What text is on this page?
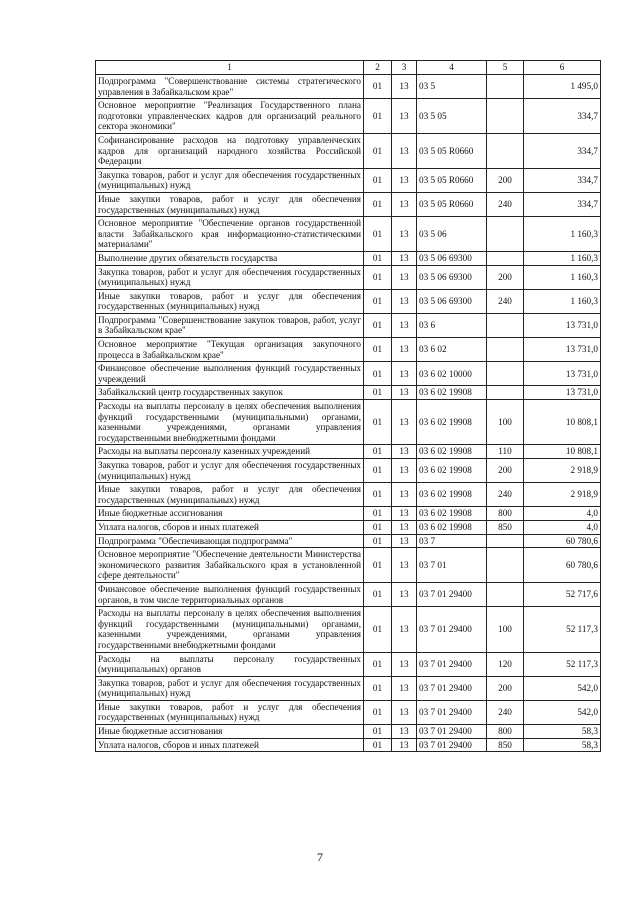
1	2	3	4	5	6
Подпрограмма "Совершенствование системы стратегического управления в Забайкальском крае"	01	13	03 5		1 495,0
Основное мероприятие "Реализация Государственного плана подготовки управленческих кадров для организаций реального сектора экономики"	01	13	03 5 05		334,7
Софинансирование расходов на подготовку управленческих кадров для организаций народного хозяйства Российской Федерации	01	13	03 5 05 R0660		334,7
Закупка товаров, работ и услуг для обеспечения государственных (муниципальных) нужд	01	13	03 5 05 R0660	200	334,7
Иные закупки товаров, работ и услуг для обеспечения государственных (муниципальных) нужд	01	13	03 5 05 R0660	240	334,7
Основное мероприятие "Обеспечение органов государственной власти Забайкальского края информационно-статистическими материалами"	01	13	03 5 06		1 160,3
Выполнение других обязательств государства	01	13	03 5 06 69300		1 160,3
Закупка товаров, работ и услуг для обеспечения государственных (муниципальных) нужд	01	13	03 5 06 69300	200	1 160,3
Иные закупки товаров, работ и услуг для обеспечения государственных (муниципальных) нужд	01	13	03 5 06 69300	240	1 160,3
Подпрограмма "Совершенствование закупок товаров, работ, услуг в Забайкальском крае"	01	13	03 6		13 731,0
Основное мероприятие "Текущая организация закупочного процесса в Забайкальском крае"	01	13	03 6 02		13 731,0
Финансовое обеспечение выполнения функций государственных учреждений	01	13	03 6 02 10000		13 731,0
Забайкальский центр государственных закупок	01	13	03 6 02 19908		13 731,0
Расходы на выплаты персоналу в целях обеспечения выполнения функций государственными (муниципальными) органами, казенными учреждениями, органами управления государственными внебюджетными фондами	01	13	03 6 02 19908	100	10 808,1
Расходы на выплаты персоналу казенных учреждений	01	13	03 6 02 19908	110	10 808,1
Закупка товаров, работ и услуг для обеспечения государственных (муниципальных) нужд	01	13	03 6 02 19908	200	2 918,9
Иные закупки товаров, работ и услуг для обеспечения государственных (муниципальных) нужд	01	13	03 6 02 19908	240	2 918,9
Иные бюджетные ассигнования	01	13	03 6 02 19908	800	4,0
Уплата налогов, сборов и иных платежей	01	13	03 6 02 19908	850	4,0
Подпрограмма "Обеспечивающая подпрограмма"	01	13	03 7		60 780,6
Основное мероприятие "Обеспечение деятельности Министерства экономического развития Забайкальского края в установленной сфере деятельности"	01	13	03 7 01		60 780,6
Финансовое обеспечение выполнения функций государственных органов, в том числе территориальных органов	01	13	03 7 01 29400		52 717,6
Расходы на выплаты персоналу в целях обеспечения выполнения функций государственными (муниципальными) органами, казенными учреждениями, органами управления государственными внебюджетными фондами	01	13	03 7 01 29400	100	52 117,3
Расходы на выплаты персоналу государственных (муниципальных) органов	01	13	03 7 01 29400	120	52 117,3
Закупка товаров, работ и услуг для обеспечения государственных (муниципальных) нужд	01	13	03 7 01 29400	200	542,0
Иные закупки товаров, работ и услуг для обеспечения государственных (муниципальных) нужд	01	13	03 7 01 29400	240	542,0
Иные бюджетные ассигнования	01	13	03 7 01 29400	800	58,3
Уплата налогов, сборов и иных платежей	01	13	03 7 01 29400	850	58,3
7
